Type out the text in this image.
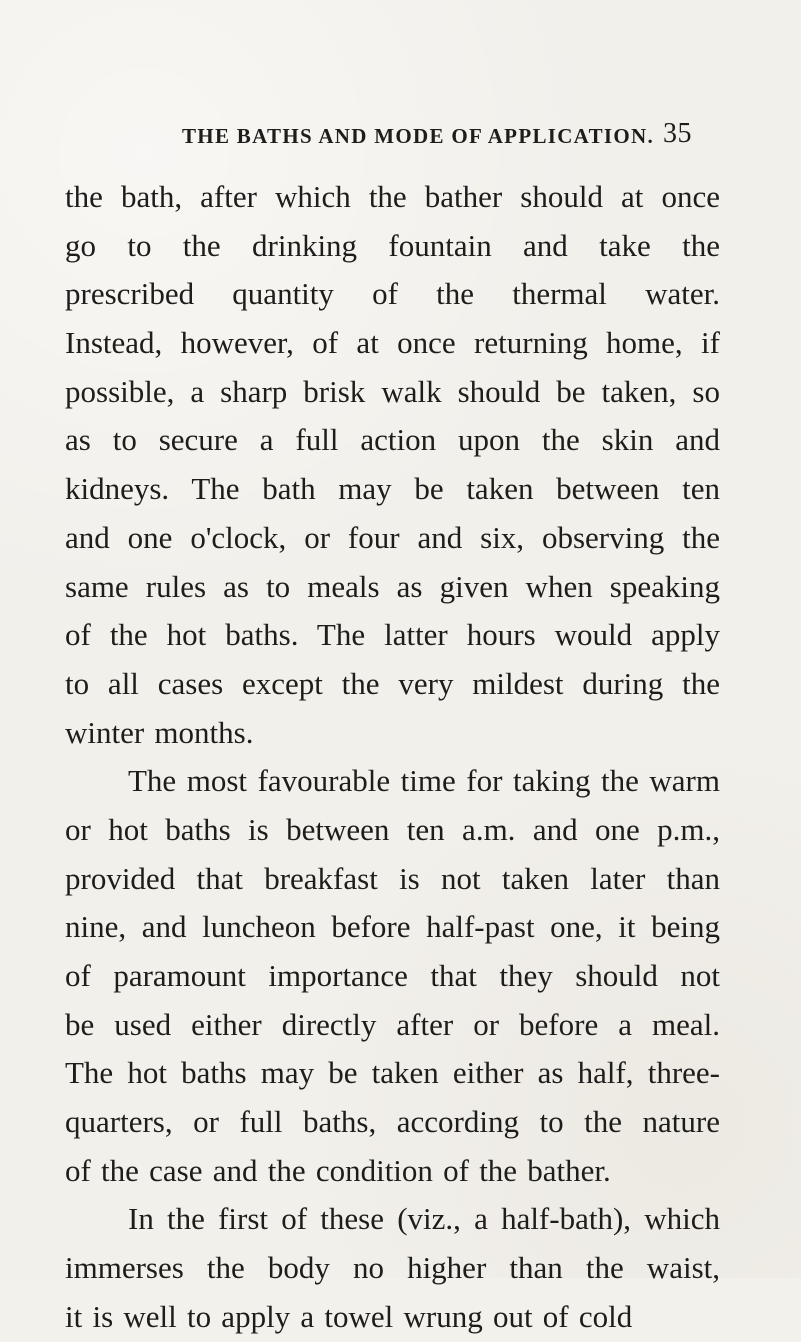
THE BATHS AND MODE OF APPLICATION. 35
the bath, after which the bather should at once
go to the drinking fountain and take the
prescribed quantity of the thermal water.
Instead, however, of at once returning home, if
possible, a sharp brisk walk should be taken, so
as to secure a full action upon the skin and
kidneys. The bath may be taken between ten
and one o'clock, or four and six, observing the
same rules as to meals as given when speaking
of the hot baths. The latter hours would apply
to all cases except the very mildest during the
winter months.
The most favourable time for taking the warm
or hot baths is between ten a.m. and one p.m.,
provided that breakfast is not taken later than
nine, and luncheon before half-past one, it being
of paramount importance that they should not
be used either directly after or before a meal.
The hot baths may be taken either as half, three-
quarters, or full baths, according to the nature
of the case and the condition of the bather.
In the first of these (viz., a half-bath), which
immerses the body no higher than the waist,
it is well to apply a towel wrung out of cold
